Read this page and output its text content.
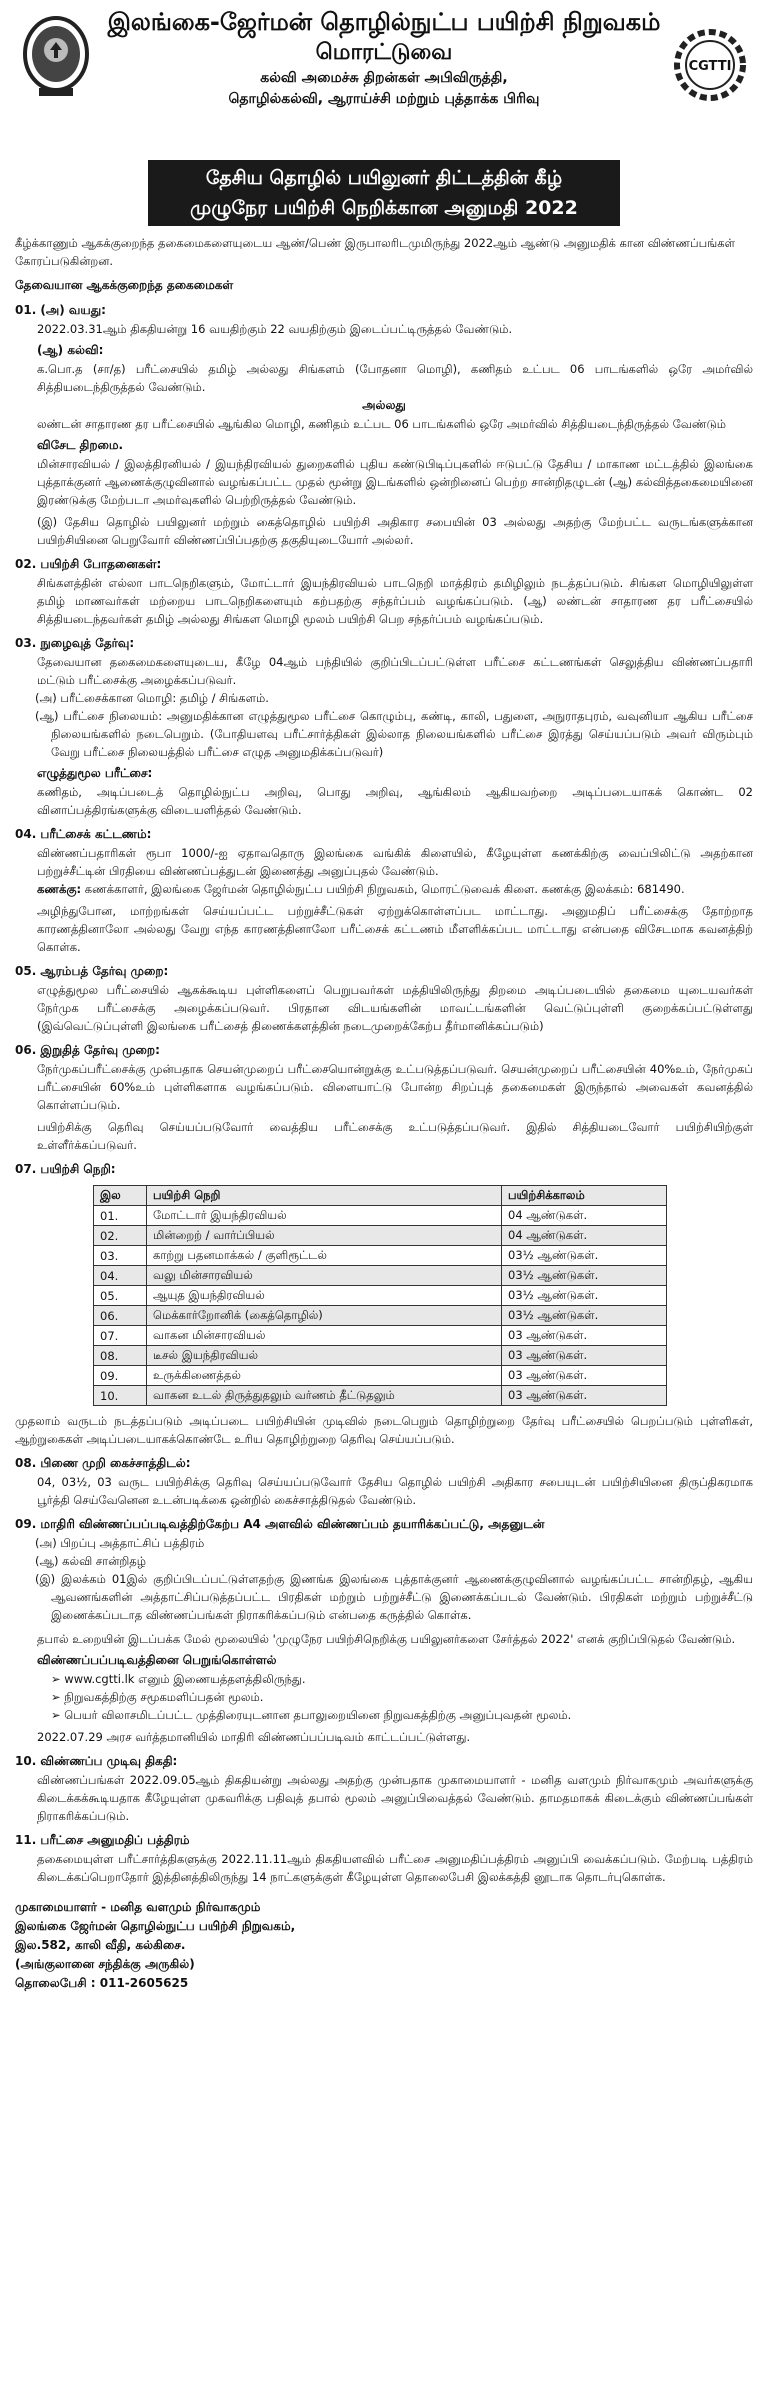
இலங்கை-ஜேர்மன் தொழில்நுட்ப பயிற்சி நிறுவகம்

மொரட்டுவை

கல்வி அமைச்சு திறன்கள் அபிவிருத்தி,

தொழில்கல்வி, ஆராய்ச்சி மற்றும் புத்தாக்க பிரிவு

CGTTI
தேசிய தொழில் பயிலுனர் திட்டத்தின் கீழ்
முழுநேர பயிற்சி நெறிக்கான அனுமதி 2022

கீழ்க்காணும் ஆகக்குறைந்த தகைமைகளையுடைய ஆண்/பெண் இருபாலரிடமுமிருந்து 2022ஆம் ஆண்டு அனுமதிக் கான விண்ணப்பங்கள் கோரப்படுகின்றன.

தேவையான ஆகக்குறைந்த தகைமைகள்

01. (அ) வயது:

2022.03.31ஆம் திகதியன்று 16 வயதிற்கும் 22 வயதிற்கும் இடைப்பட்டிருத்தல் வேண்டும்.

(ஆ) கல்வி:

க.பொ.த (சா/த) பரீட்சையில் தமிழ் அல்லது சிங்களம் (போதனா மொழி), கணிதம் உட்பட 06 பாடங்களில் ஒரே அமர்வில் சித்தியடைந்திருத்தல் வேண்டும்.

அல்லது

லண்டன் சாதாரண தர பரீட்சையில் ஆங்கில மொழி, கணிதம் உட்பட 06 பாடங்களில் ஒரே அமர்வில் சித்தியடைந்திருத்தல் வேண்டும்

விசேட திறமை.

மின்சாரவியல் / இலத்திரனியல் / இயந்திரவியல் துறைகளில் புதிய கண்டுபிடிப்புகளில் ஈடுபட்டு தேசிய / மாகாண மட்டத்தில் இலங்கை புத்தாக்குனர் ஆணைக்குழுவினால் வழங்கப்பட்ட முதல் மூன்று இடங்களில் ஒன்றினைப் பெற்ற சான்றிதழுடன் (ஆ) கல்வித்தகைமையினை இரண்டுக்கு மேற்படா அமர்வுகளில் பெற்றிருத்தல் வேண்டும்.

(இ) தேசிய தொழில் பயிலுனர் மற்றும் கைத்தொழில் பயிற்சி அதிகார சபையின் 03 அல்லது அதற்கு மேற்பட்ட வருடங்களுக்கான பயிற்சியினை பெறுவோர் விண்ணப்பிப்பதற்கு தகுதியுடையோர் அல்லர்.

02. பயிற்சி போதனைகள்:

சிங்களத்தின் எல்லா பாடநெறிகளும், மோட்டார் இயந்திரவியல் பாடநெறி மாத்திரம் தமிழிலும் நடத்தப்படும். சிங்கள மொழியிலுள்ள தமிழ் மாணவர்கள் மற்றைய பாடநெறிகளையும் கற்பதற்கு சந்தர்ப்பம் வழங்கப்படும். (ஆ) லண்டன் சாதாரண தர பரீட்சையில் சித்தியடைந்தவர்கள் தமிழ் அல்லது சிங்கள மொழி மூலம் பயிற்சி பெற சந்தர்ப்பம் வழங்கப்படும்.

03. நுழைவுத் தேர்வு:

தேவையான தகைமைகளையுடைய, கீழே 04ஆம் பந்தியில் குறிப்பிடப்பட்டுள்ள பரீட்சை கட்டணங்கள் செலுத்திய விண்ணப்பதாரி மட்டும் பரீட்சைக்கு அழைக்கப்படுவர்.

(அ) பரீட்சைக்கான மொழி: தமிழ் / சிங்களம்.

(ஆ) பரீட்சை நிலையம்: அனுமதிக்கான எழுத்துமூல பரீட்சை கொழும்பு, கண்டி, காலி, பதுளை, அநுராதபுரம், வவுனியா ஆகிய பரீட்சை நிலையங்களில் நடைபெறும். (போதியளவு பரீட்சார்த்திகள் இல்லாத நிலையங்களில் பரீட்சை இரத்து செய்யப்படும் அவர் விரும்பும் வேறு பரீட்சை நிலையத்தில் பரீட்சை எழுத அனுமதிக்கப்படுவர்)

எழுத்துமூல பரீட்சை:

கணிதம், அடிப்படைத் தொழில்நுட்ப அறிவு, பொது அறிவு, ஆங்கிலம் ஆகியவற்றை அடிப்படையாகக் கொண்ட 02 வினாப்பத்திரங்களுக்கு விடையளித்தல் வேண்டும்.

04. பரீட்சைக் கட்டணம்:

விண்ணப்பதாரிகள் ரூபா 1000/-ஐ ஏதாவதொரு இலங்கை வங்கிக் கிளையில், கீழேயுள்ள கணக்கிற்கு வைப்பிலிட்டு அதற்கான பற்றுச்சீட்டின் பிரதியை விண்ணப்பத்துடன் இணைத்து அனுப்புதல் வேண்டும்.

கணக்கு: கணக்காளர், இலங்கை ஜேர்மன் தொழில்நுட்ப பயிற்சி நிறுவகம், மொரட்டுவைக் கிளை. கணக்கு இலக்கம்: 681490.

அழிந்துபோன, மாற்றங்கள் செய்யப்பட்ட பற்றுச்சீட்டுகள் ஏற்றுக்கொள்ளப்பட மாட்டாது. அனுமதிப் பரீட்சைக்கு தோற்றாத காரணத்தினாலோ அல்லது வேறு எந்த காரணத்தினாலோ பரீட்சைக் கட்டணம் மீளளிக்கப்பட மாட்டாது என்பதை விசேடமாக கவனத்திற் கொள்க.

05. ஆரம்பத் தேர்வு முறை:

எழுத்துமூல பரீட்சையில் ஆகக்கூடிய புள்ளிகளைப் பெறுபவர்கள் மத்தியிலிருந்து திறமை அடிப்படையில் தகைமை யுடையவர்கள் நேர்முக பரீட்சைக்கு அழைக்கப்படுவர். பிரதான விடயங்களின் மாவட்டங்களின் வெட்டுப்புள்ளி குறைக்கப்பட்டுள்ளது (இவ்வெட்டுப்புள்ளி இலங்கை பரீட்சைத் திணைக்களத்தின் நடைமுறைக்கேற்ப தீர்மானிக்கப்படும்)

06. இறுதித் தேர்வு முறை:

நேர்முகப்பரீட்சைக்கு முன்பதாக செயன்முறைப் பரீட்சையொன்றுக்கு உட்படுத்தப்படுவர். செயன்முறைப் பரீட்சையின் 40%உம், நேர்முகப் பரீட்சையின் 60%உம் புள்ளிகளாக வழங்கப்படும். விளையாட்டு போன்ற சிறப்புத் தகைமைகள் இருந்தால் அவைகள் கவனத்தில் கொள்ளப்படும்.

பயிற்சிக்கு தெரிவு செய்யப்படுவோர் வைத்திய பரீட்சைக்கு உட்படுத்தப்படுவர். இதில் சித்தியடைவோர் பயிற்சியிற்குள் உள்ளீர்க்கப்படுவர்.

07. பயிற்சி நெறி:

இல	பயிற்சி நெறி	பயிற்சிக்காலம்
01.	மோட்டார் இயந்திரவியல்	04 ஆண்டுகள்.
02.	மின்றைற் / வார்ப்பியல்	04 ஆண்டுகள்.
03.	காற்று பதனமாக்கல் / குளிரூட்டல்	03½ ஆண்டுகள்.
04.	வலு மின்சாரவியல்	03½ ஆண்டுகள்.
05.	ஆயுத இயந்திரவியல்	03½ ஆண்டுகள்.
06.	மெக்கார்றோனிக் (கைத்தொழில்)	03½ ஆண்டுகள்.
07.	வாகன மின்சாரவியல்	03 ஆண்டுகள்.
08.	டீசல் இயந்திரவியல்	03 ஆண்டுகள்.
09.	உருக்கிணைத்தல்	03 ஆண்டுகள்.
10.	வாகன உடல் திருத்துதலும் வர்ணம் தீட்டுதலும்	03 ஆண்டுகள்.

முதலாம் வருடம் நடத்தப்படும் அடிப்படை பயிற்சியின் முடிவில் நடைபெறும் தொழிற்றுறை தேர்வு பரீட்சையில் பெறப்படும் புள்ளிகள், ஆற்றுகைகள் அடிப்படையாகக்கொண்டே உரிய தொழிற்றுறை தெரிவு செய்யப்படும்.

08. பிணை முறி கைச்சாத்திடல்:

04, 03½, 03 வருட பயிற்சிக்கு தெரிவு செய்யப்படுவோர் தேசிய தொழில் பயிற்சி அதிகார சபையுடன் பயிற்சியினை திருப்திகரமாக பூர்த்தி செய்வேனென உடன்படிக்கை ஒன்றில் கைச்சாத்திடுதல் வேண்டும்.

09. மாதிரி விண்ணப்பப்படிவத்திற்கேற்ப A4 அளவில் விண்ணப்பம் தயாரிக்கப்பட்டு, அதனுடன்

(அ) பிறப்பு அத்தாட்சிப் பத்திரம்

(ஆ) கல்வி சான்றிதழ்

(இ) இலக்கம் 01இல் குறிப்பிடப்பட்டுள்ளதற்கு இணங்க இலங்கை புத்தாக்குனர் ஆணைக்குழுவினால் வழங்கப்பட்ட சான்றிதழ், ஆகிய ஆவணங்களின் அத்தாட்சிப்படுத்தப்பட்ட பிரதிகள் மற்றும் பற்றுச்சீட்டு இணைக்கப்படல் வேண்டும். பிரதிகள் மற்றும் பற்றுச்சீட்டு இணைக்கப்படாத விண்ணப்பங்கள் நிராகரிக்கப்படும் என்பதை கருத்தில் கொள்க.

தபால் உறையின் இடப்பக்க மேல் மூலையில் 'முழுநேர பயிற்சிநெறிக்கு பயிலுனர்களை சேர்த்தல் 2022' எனக் குறிப்பிடுதல் வேண்டும்.

விண்ணப்பப்படிவத்தினை பெறுங்கொள்ளல்

➢ www.cgtti.lk எனும் இணையத்தளத்திலிருந்து.

➢ நிறுவகத்திற்கு சமூகமளிப்பதன் மூலம்.

➢ பெயர் விலாசமிடப்பட்ட முத்திரையுடனான தபாலுறையினை நிறுவகத்திற்கு அனுப்புவதன் மூலம்.

2022.07.29 அரச வர்த்தமானியில் மாதிரி விண்ணப்பப்படிவம் காட்டப்பட்டுள்ளது.

10. விண்ணப்ப முடிவு திகதி:

விண்ணப்பங்கள் 2022.09.05ஆம் திகதியன்று அல்லது அதற்கு முன்பதாக முகாமையாளர் - மனித வளமும் நிர்வாகமும் அவர்களுக்கு கிடைக்கக்கூடியதாக கீழேயுள்ள முகவரிக்கு பதிவுத் தபால் மூலம் அனுப்பிவைத்தல் வேண்டும். தாமதமாகக் கிடைக்கும் விண்ணப்பங்கள் நிராகரிக்கப்படும்.

11. பரீட்சை அனுமதிப் பத்திரம்

தகைமையுள்ள பரீட்சார்த்திகளுக்கு 2022.11.11ஆம் திகதியளவில் பரீட்சை அனுமதிப்பத்திரம் அனுப்பி வைக்கப்படும். மேற்படி பத்திரம் கிடைக்கப்பெறாதோர் இத்தினத்திலிருந்து 14 நாட்களுக்குள் கீழேயுள்ள தொலைபேசி இலக்கத்தி னூடாக தொடர்புகொள்க.

முகாமையாளர் - மனித வளமும் நிர்வாகமும்

இலங்கை ஜேர்மன் தொழில்நுட்ப பயிற்சி நிறுவகம்,

இல.582, காலி வீதி, கல்கிசை.

(அங்குலானை சந்திக்கு அருகில்)

தொலைபேசி : 011-2605625
